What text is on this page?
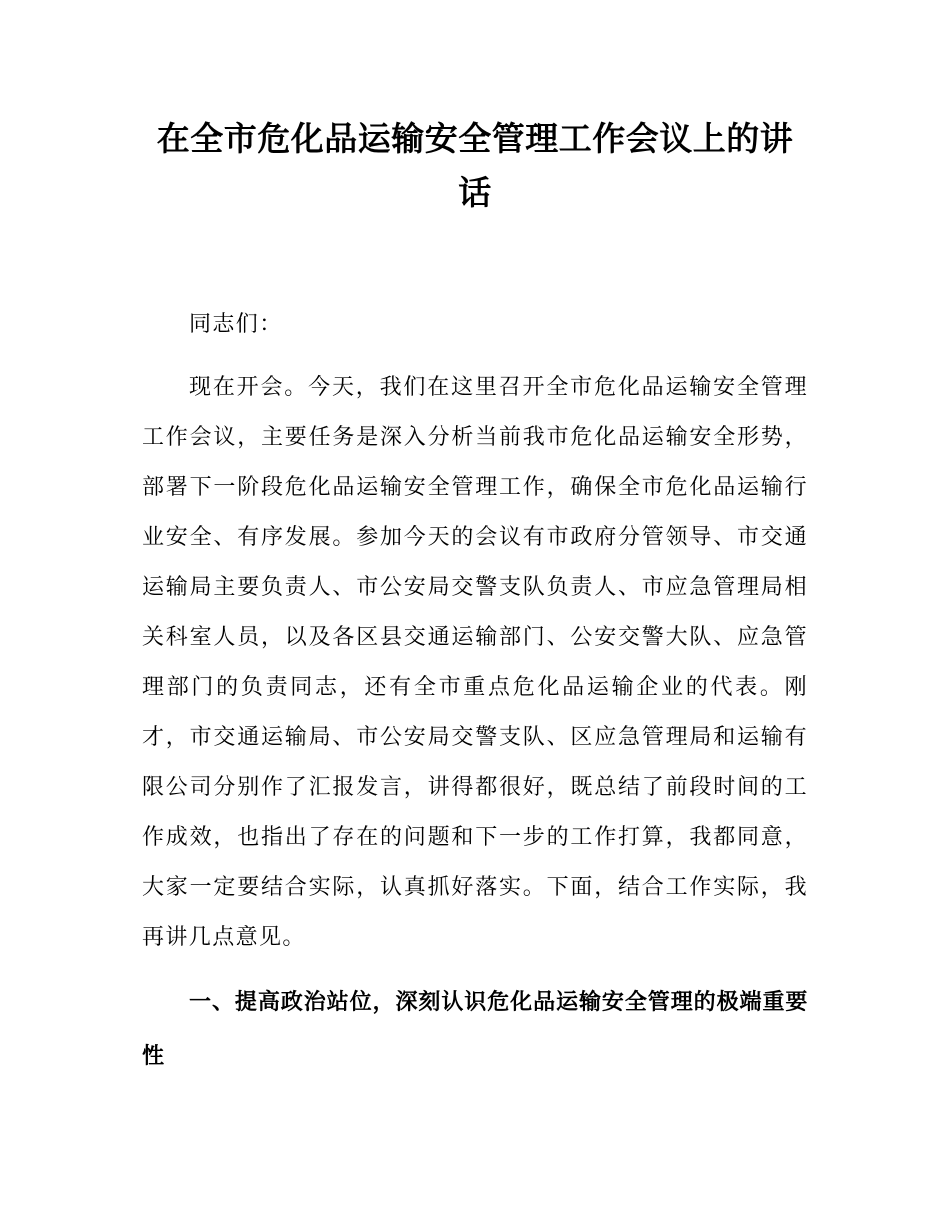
在全市危化品运输安全管理工作会议上的讲话

同志们：

现在开会。今天，我们在这里召开全市危化品运输安全管理工作会议，主要任务是深入分析当前我市危化品运输安全形势，部署下一阶段危化品运输安全管理工作，确保全市危化品运输行业安全、有序发展。参加今天的会议有市政府分管领导、市交通运输局主要负责人、市公安局交警支队负责人、市应急管理局相关科室人员，以及各区县交通运输部门、公安交警大队、应急管理部门的负责同志，还有全市重点危化品运输企业的代表。刚才，市交通运输局、市公安局交警支队、区应急管理局和运输有限公司分别作了汇报发言，讲得都很好，既总结了前段时间的工作成效，也指出了存在的问题和下一步的工作打算，我都同意，大家一定要结合实际，认真抓好落实。下面，结合工作实际，我再讲几点意见。

一、提高政治站位，深刻认识危化品运输安全管理的极端重要性
